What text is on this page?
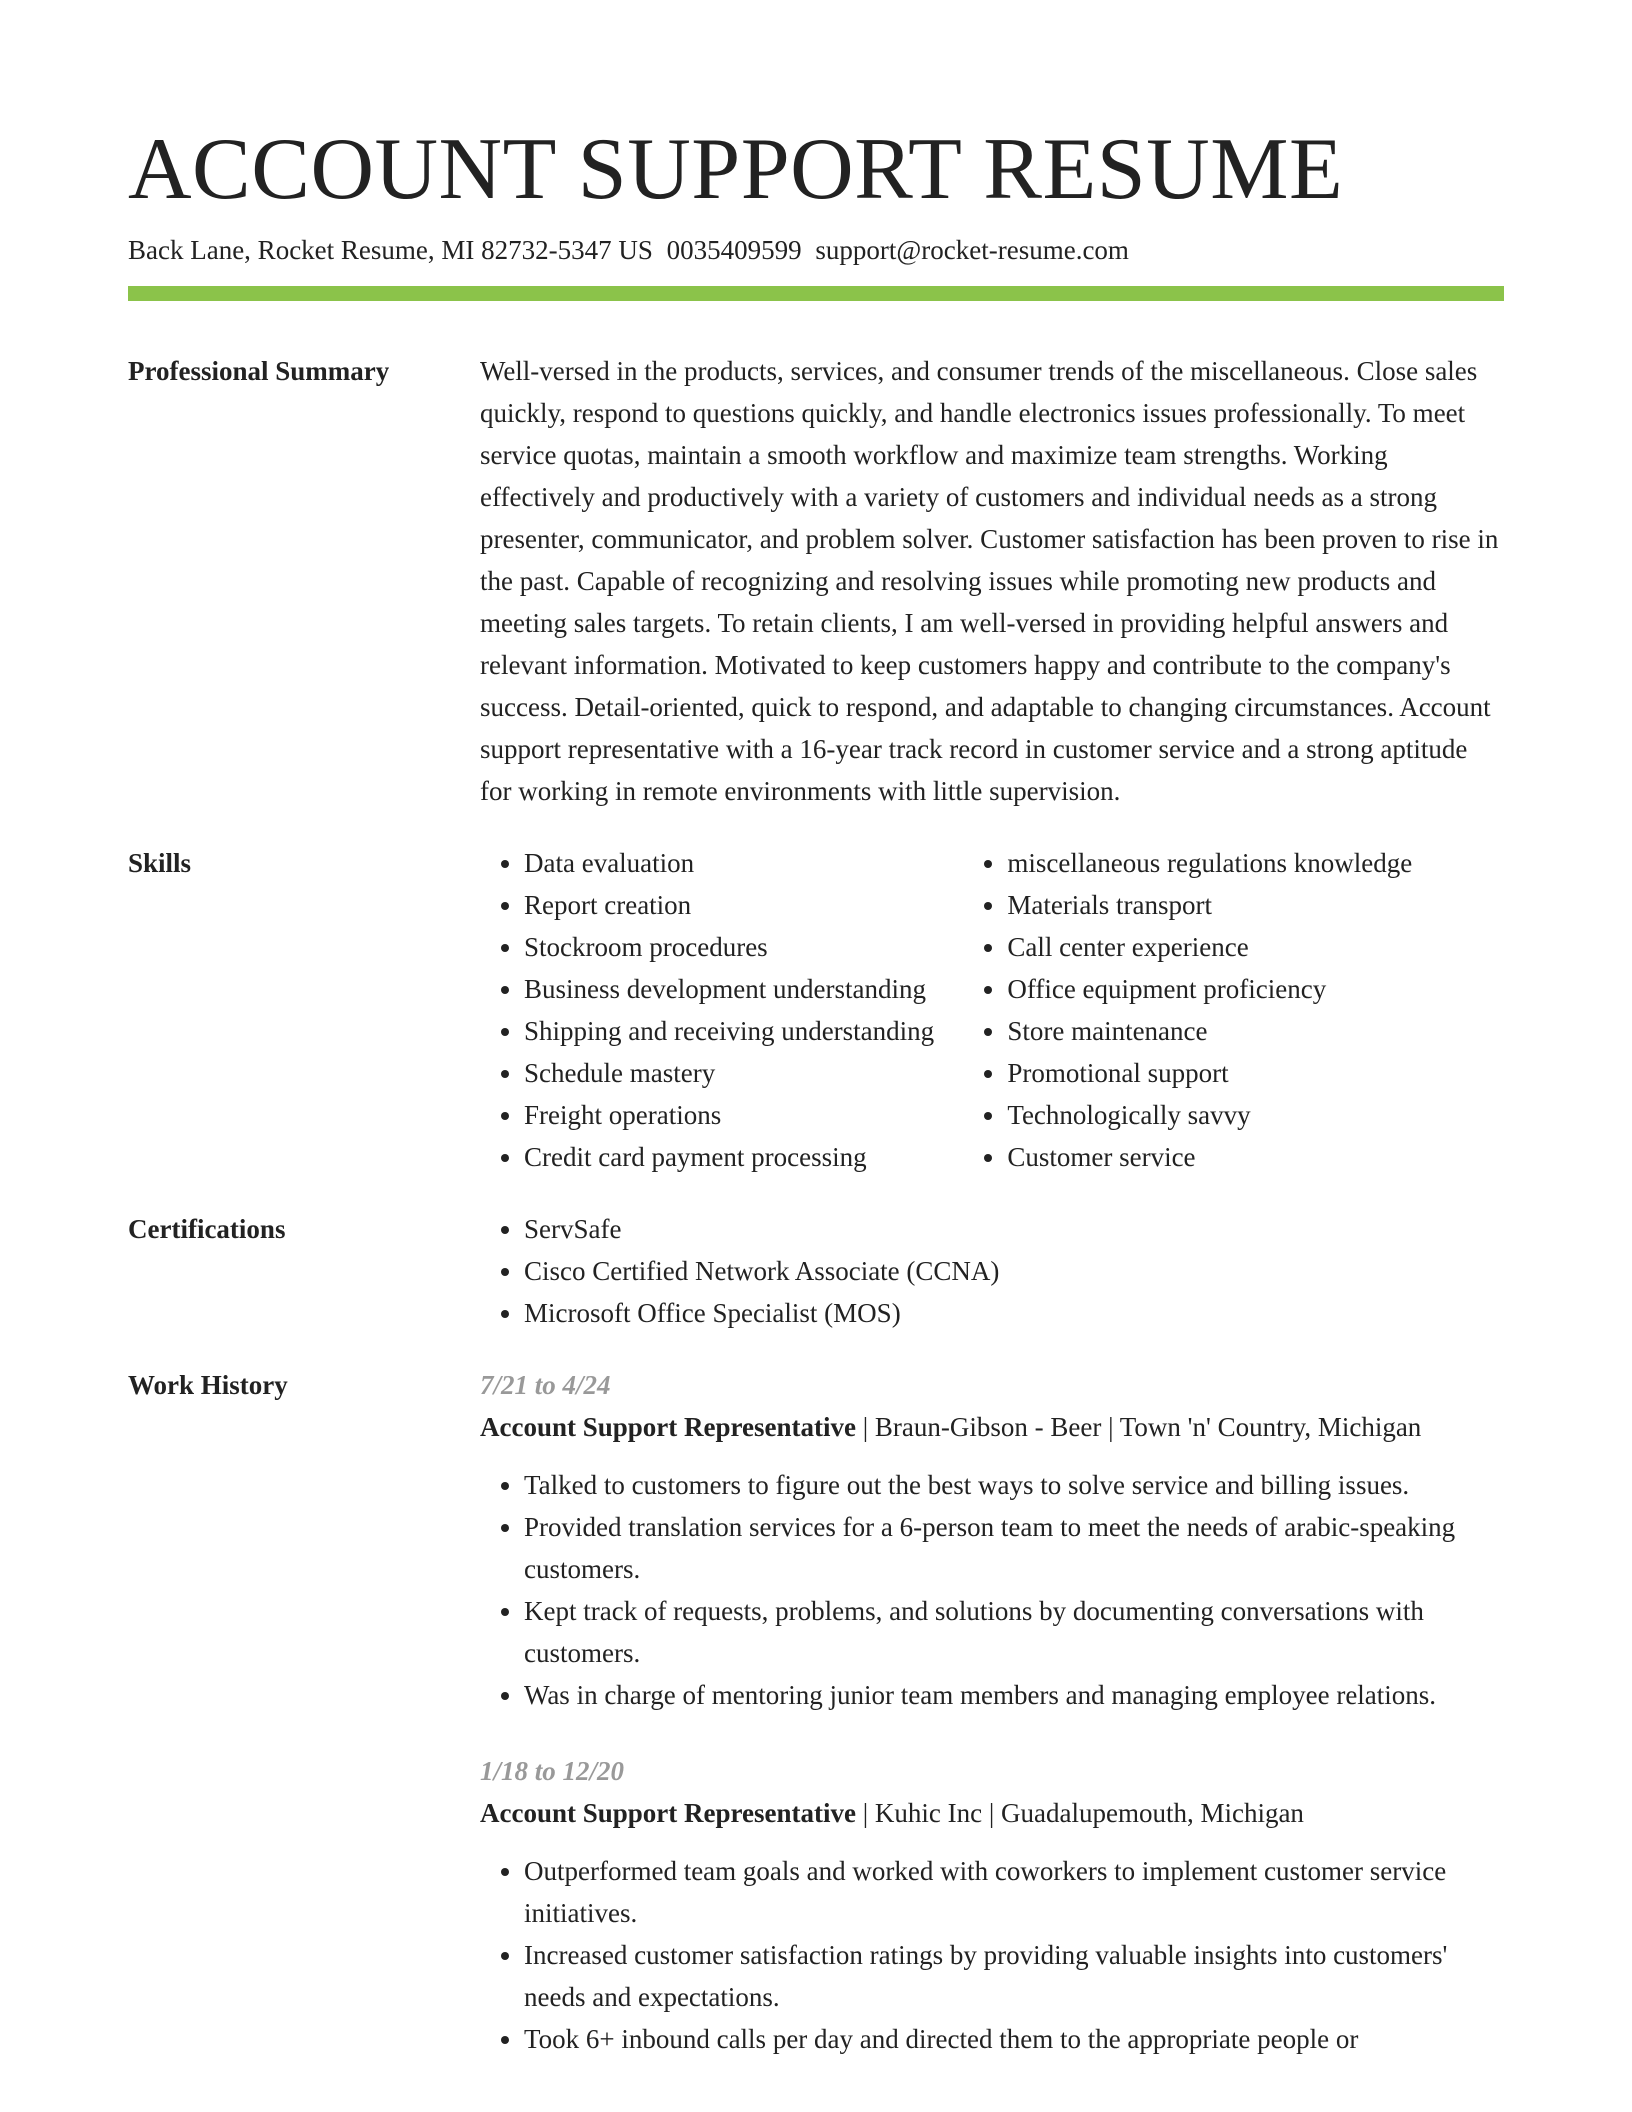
ACCOUNT SUPPORT RESUME
Back Lane, Rocket Resume, MI 82732-5347 US 0035409599 support@rocket-resume.com
Professional Summary	Well-versed in the products, services, and consumer trends of the miscellaneous. Close sales quickly, respond to questions quickly, and handle electronics issues professionally. To meet service quotas, maintain a smooth workflow and maximize team strengths. Working effectively and productively with a variety of customers and individual needs as a strong presenter, communicator, and problem solver. Customer satisfaction has been proven to rise in the past. Capable of recognizing and resolving issues while promoting new products and meeting sales targets. To retain clients, I am well-versed in providing helpful answers and relevant information. Motivated to keep customers happy and contribute to the company's success. Detail-oriented, quick to respond, and adaptable to changing circumstances. Account support representative with a 16-year track record in customer service and a strong aptitude for working in remote environments with little supervision.

Skills	• Data evaluation
• Report creation
• Stockroom procedures
• Business development understanding
• Shipping and receiving understanding
• Schedule mastery
• Freight operations
• Credit card payment processing
• miscellaneous regulations knowledge
• Materials transport
• Call center experience
• Office equipment proficiency
• Store maintenance
• Promotional support
• Technologically savvy
• Customer service
Certifications	• ServSafe
• Cisco Certified Network Associate (CCNA)
• Microsoft Office Specialist (MOS)
Work History	7/21 to 4/24
Account Support Representative | Braun-Gibson - Beer | Town 'n' Country, Michigan
• Talked to customers to figure out the best ways to solve service and billing issues.
• Provided translation services for a 6-person team to meet the needs of arabic-speaking customers.
• Kept track of requests, problems, and solutions by documenting conversations with customers.
• Was in charge of mentoring junior team members and managing employee relations.
1/18 to 12/20
Account Support Representative | Kuhic Inc | Guadalupemouth, Michigan
• Outperformed team goals and worked with coworkers to implement customer service initiatives.
• Increased customer satisfaction ratings by providing valuable insights into customers' needs and expectations.
• Took 6+ inbound calls per day and directed them to the appropriate people or
